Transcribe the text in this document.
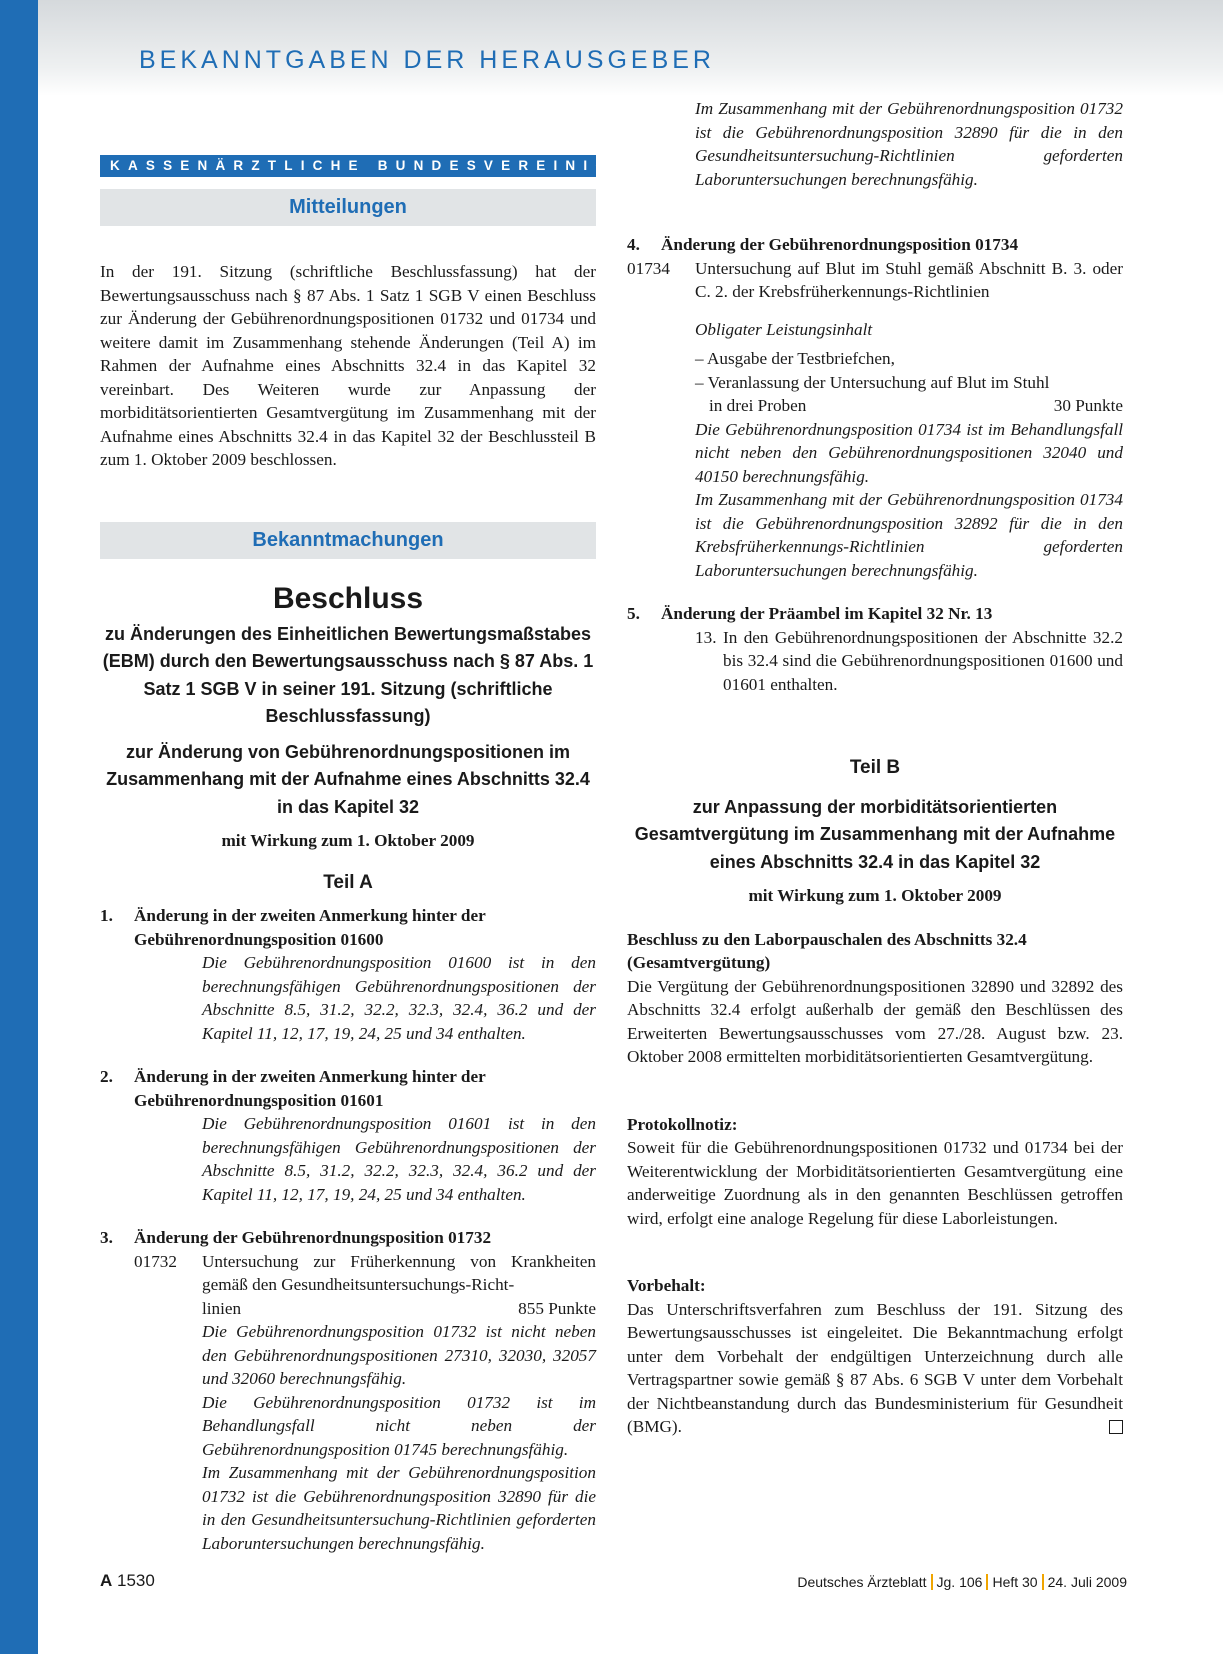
BEKANNTGABEN DER HERAUSGEBER
KASSENÄRZTLICHE BUNDESVEREINIGUNG
Mitteilungen

In der 191. Sitzung (schriftliche Beschlussfassung) hat der Bewertungsausschuss nach § 87 Abs. 1 Satz 1 SGB V einen Beschluss zur Änderung der Gebührenordnungspositionen 01732 und 01734 und weitere damit im Zusammenhang stehende Änderungen (Teil A) im Rahmen der Aufnahme eines Abschnitts 32.4 in das Kapitel 32 vereinbart. Des Weiteren wurde zur Anpassung der morbiditätsorientierten Gesamtvergütung im Zusammenhang mit der Aufnahme eines Abschnitts 32.4 in das Kapitel 32 der Beschlussteil B zum 1. Oktober 2009 beschlossen.

Bekanntmachungen
Beschluss
zu Änderungen des Einheitlichen Bewertungsmaßstabes (EBM) durch den Bewertungsausschuss nach § 87 Abs. 1 Satz 1 SGB V in seiner 191. Sitzung (schriftliche Beschlussfassung)
zur Änderung von Gebührenordnungspositionen im Zusammenhang mit der Aufnahme eines Abschnitts 32.4 in das Kapitel 32
mit Wirkung zum 1. Oktober 2009
Teil A
1. Änderung in der zweiten Anmerkung hinter der Gebührenordnungsposition 01600
Die Gebührenordnungsposition 01600 ist in den berechnungsfähigen Gebührenordnungspositionen der Abschnitte 8.5, 31.2, 32.2, 32.3, 32.4, 36.2 und der Kapitel 11, 12, 17, 19, 24, 25 und 34 enthalten.
2. Änderung in der zweiten Anmerkung hinter der Gebührenordnungsposition 01601
Die Gebührenordnungsposition 01601 ist in den berechnungsfähigen Gebührenordnungspositionen der Abschnitte 8.5, 31.2, 32.2, 32.3, 32.4, 36.2 und der Kapitel 11, 12, 17, 19, 24, 25 und 34 enthalten.
3. Änderung der Gebührenordnungsposition 01732
01732 Untersuchung zur Früherkennung von Krankheiten gemäß den Gesundheitsuntersuchungs-Richt-
linien	855 Punkte
Die Gebührenordnungsposition 01732 ist nicht neben den Gebührenordnungspositionen 27310, 32030, 32057 und 32060 berechnungsfähig.
Die Gebührenordnungsposition 01732 ist im Behandlungsfall nicht neben der Gebührenordnungsposition 01745 berechnungsfähig.
Im Zusammenhang mit der Gebührenordnungsposition 01732 ist die Gebührenordnungsposition 32890 für die in den Gesundheitsuntersuchung-Richtlinien geforderten Laboruntersuchungen berechnungsfähig.
Im Zusammenhang mit der Gebührenordnungsposition 01732 ist die Gebührenordnungsposition 32890 für die in den Gesundheitsuntersuchung-Richtlinien geforderten Laboruntersuchungen berechnungsfähig.
4. Änderung der Gebührenordnungsposition 01734
01734 Untersuchung auf Blut im Stuhl gemäß Abschnitt B. 3. oder C. 2. der Krebsfrüherkennungs-Richtlinien
Obligater Leistungsinhalt
– Ausgabe der Testbriefchen,
– Veranlassung der Untersuchung auf Blut im Stuhl
in drei Proben	30 Punkte
Die Gebührenordnungsposition 01734 ist im Behandlungsfall nicht neben den Gebührenordnungspositionen 32040 und 40150 berechnungsfähig.
Im Zusammenhang mit der Gebührenordnungsposition 01734 ist die Gebührenordnungsposition 32892 für die in den Krebsfrüherkennungs-Richtlinien geforderten Laboruntersuchungen berechnungsfähig.
5. Änderung der Präambel im Kapitel 32 Nr. 13
13. In den Gebührenordnungspositionen der Abschnitte 32.2 bis 32.4 sind die Gebührenordnungspositionen 01600 und 01601 enthalten.
Teil B
zur Anpassung der morbiditätsorientierten Gesamtvergütung im Zusammenhang mit der Aufnahme eines Abschnitts 32.4 in das Kapitel 32
mit Wirkung zum 1. Oktober 2009
Beschluss zu den Laborpauschalen des Abschnitts 32.4 (Gesamtvergütung)
Die Vergütung der Gebührenordnungspositionen 32890 und 32892 des Abschnitts 32.4 erfolgt außerhalb der gemäß den Beschlüssen des Erweiterten Bewertungsausschusses vom 27./28. August bzw. 23. Oktober 2008 ermittelten morbiditätsorientierten Gesamtvergütung.
Protokollnotiz:
Soweit für die Gebührenordnungspositionen 01732 und 01734 bei der Weiterentwicklung der Morbiditätsorientierten Gesamtvergütung eine anderweitige Zuordnung als in den genannten Beschlüssen getroffen wird, erfolgt eine analoge Regelung für diese Laborleistungen.
Vorbehalt:
Das Unterschriftsverfahren zum Beschluss der 191. Sitzung des Bewertungsausschusses ist eingeleitet. Die Bekanntmachung erfolgt unter dem Vorbehalt der endgültigen Unterzeichnung durch alle Vertragspartner sowie gemäß § 87 Abs. 6 SGB V unter dem Vorbehalt der Nichtbeanstandung durch das Bundesministerium für Gesundheit (BMG).
A 1530	Deutsches Ärzteblatt Jg. 106 Heft 30 24. Juli 2009
